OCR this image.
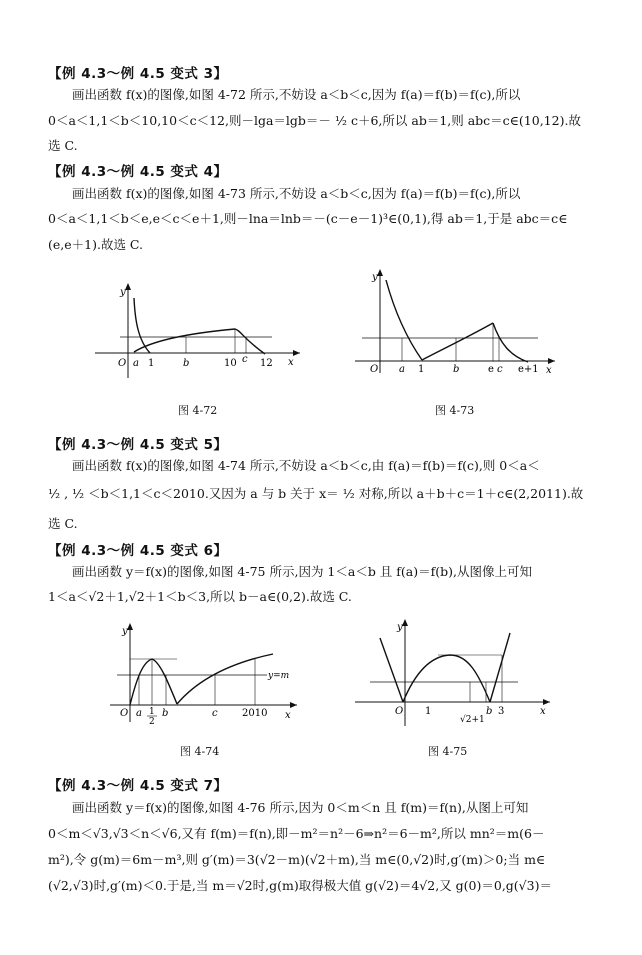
【例 4.3～例 4.5 变式 3】
画出函数 f(x)的图像,如图 4-72 所示,不妨设 a＜b＜c,因为 f(a)＝f(b)＝f(c),所以
0＜a＜1,1＜b＜10,10＜c＜12,则－lga＝lgb＝－ ½ c＋6,所以 ab＝1,则 abc＝c∈(10,12).故
选 C.
【例 4.3～例 4.5 变式 4】
画出函数 f(x)的图像,如图 4-73 所示,不妨设 a＜b＜c,因为 f(a)＝f(b)＝f(c),所以
0＜a＜1,1＜b＜e,e＜c＜e＋1,则－lna＝lnb＝－(c－e－1)³∈(0,1),得 ab＝1,于是 abc＝c∈
(e,e＋1).故选 C.
y
x
O a 1	b	10 c 12
图 4-72
y
x
O a 1	b	e c e+1
图 4-73
【例 4.3～例 4.5 变式 5】
画出函数 f(x)的图像,如图 4-74 所示,不妨设 a＜b＜c,由 f(a)＝f(b)＝f(c),则 0＜a＜
½ , ½ ＜b＜1,1＜c＜2010.又因为 a 与 b 关于 x＝ ½ 对称,所以 a＋b＋c＝1＋c∈(2,2011).故
选 C.
【例 4.3～例 4.5 变式 6】
画出函数 y＝f(x)的图像,如图 4-75 所示,因为 1＜a＜b 且 f(a)＝f(b),从图像上可知
1＜a＜√2＋1,√2＋1＜b＜3,所以 b－a∈(0,2).故选 C.
y
x
y=m
O a 1
2
b	c 2010
图 4-74
y
x
O 1
√2+1
b 3
图 4-75
【例 4.3～例 4.5 变式 7】
画出函数 y＝f(x)的图像,如图 4-76 所示,因为 0＜m＜n 且 f(m)＝f(n),从图上可知
0＜m＜√3,√3＜n＜√6,又有 f(m)＝f(n),即－m²＝n²－6⇒n²＝6－m²,所以 mn²＝m(6－
m²),令 g(m)＝6m－m³,则 g′(m)＝3(√2－m)(√2＋m),当 m∈(0,√2)时,g′(m)＞0;当 m∈
(√2,√3)时,g′(m)＜0.于是,当 m＝√2时,g(m)取得极大值 g(√2)＝4√2,又 g(0)＝0,g(√3)＝
